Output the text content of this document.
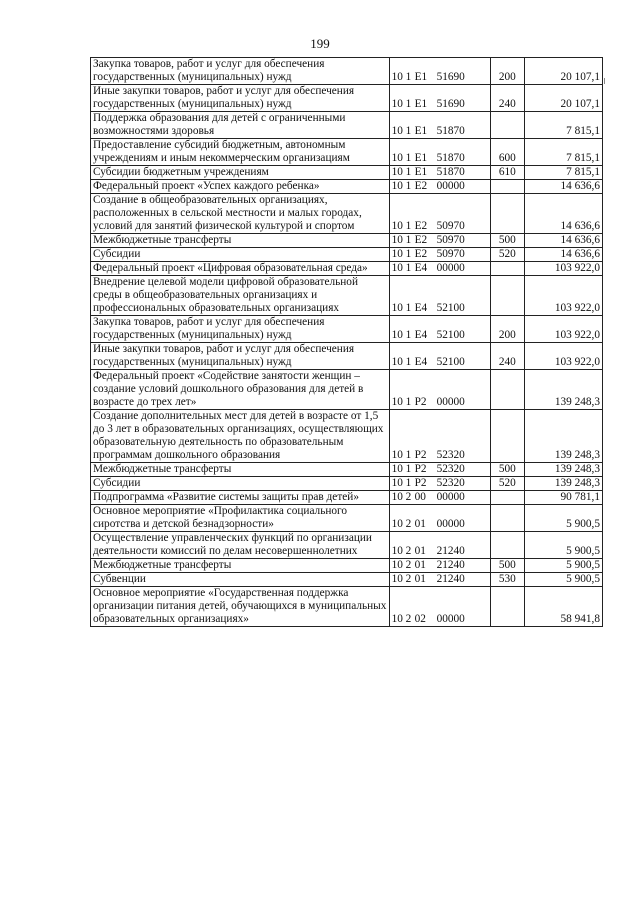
199
Закупка товаров, работ и услуг для обеспечения государственных (муниципальных) нужд	10 1 E1 51690	200	20 107,1
Иные закупки товаров, работ и услуг для обеспечения государственных (муниципальных) нужд	10 1 E1 51690	240	20 107,1
Поддержка образования для детей с ограниченными возможностями здоровья	10 1 E1 51870		7 815,1
Предоставление субсидий бюджетным, автономным учреждениям и иным некоммерческим организациям	10 1 E1 51870	600	7 815,1
Субсидии бюджетным учреждениям	10 1 E1 51870	610	7 815,1
Федеральный проект «Успех каждого ребенка»	10 1 E2 00000		14 636,6
Создание в общеобразовательных организациях, расположенных в сельской местности и малых городах, условий для занятий физической культурой и спортом	10 1 E2 50970		14 636,6
Межбюджетные трансферты	10 1 E2 50970	500	14 636,6
Субсидии	10 1 E2 50970	520	14 636,6
Федеральный проект «Цифровая образовательная среда»	10 1 E4 00000		103 922,0
Внедрение целевой модели цифровой образовательной среды в общеобразовательных организациях и профессиональных образовательных организациях	10 1 E4 52100		103 922,0
Закупка товаров, работ и услуг для обеспечения государственных (муниципальных) нужд	10 1 E4 52100	200	103 922,0
Иные закупки товаров, работ и услуг для обеспечения государственных (муниципальных) нужд	10 1 E4 52100	240	103 922,0
Федеральный проект «Содействие занятости женщин – создание условий дошкольного образования для детей в возрасте до трех лет»	10 1 P2 00000		139 248,3
Создание дополнительных мест для детей в возрасте от 1,5 до 3 лет в образовательных организациях, осуществляющих образовательную деятельность по образовательным программам дошкольного образования	10 1 P2 52320		139 248,3
Межбюджетные трансферты	10 1 P2 52320	500	139 248,3
Субсидии	10 1 P2 52320	520	139 248,3
Подпрограмма «Развитие системы защиты прав детей»	10 2 00 00000		90 781,1
Основное мероприятие «Профилактика социального сиротства и детской безнадзорности»	10 2 01 00000		5 900,5
Осуществление управленческих функций по организации деятельности комиссий по делам несовершеннолетних	10 2 01 21240		5 900,5
Межбюджетные трансферты	10 2 01 21240	500	5 900,5
Субвенции	10 2 01 21240	530	5 900,5
Основное мероприятие «Государственная поддержка организации питания детей, обучающихся в муниципальных образовательных организациях»	10 2 02 00000		58 941,8
